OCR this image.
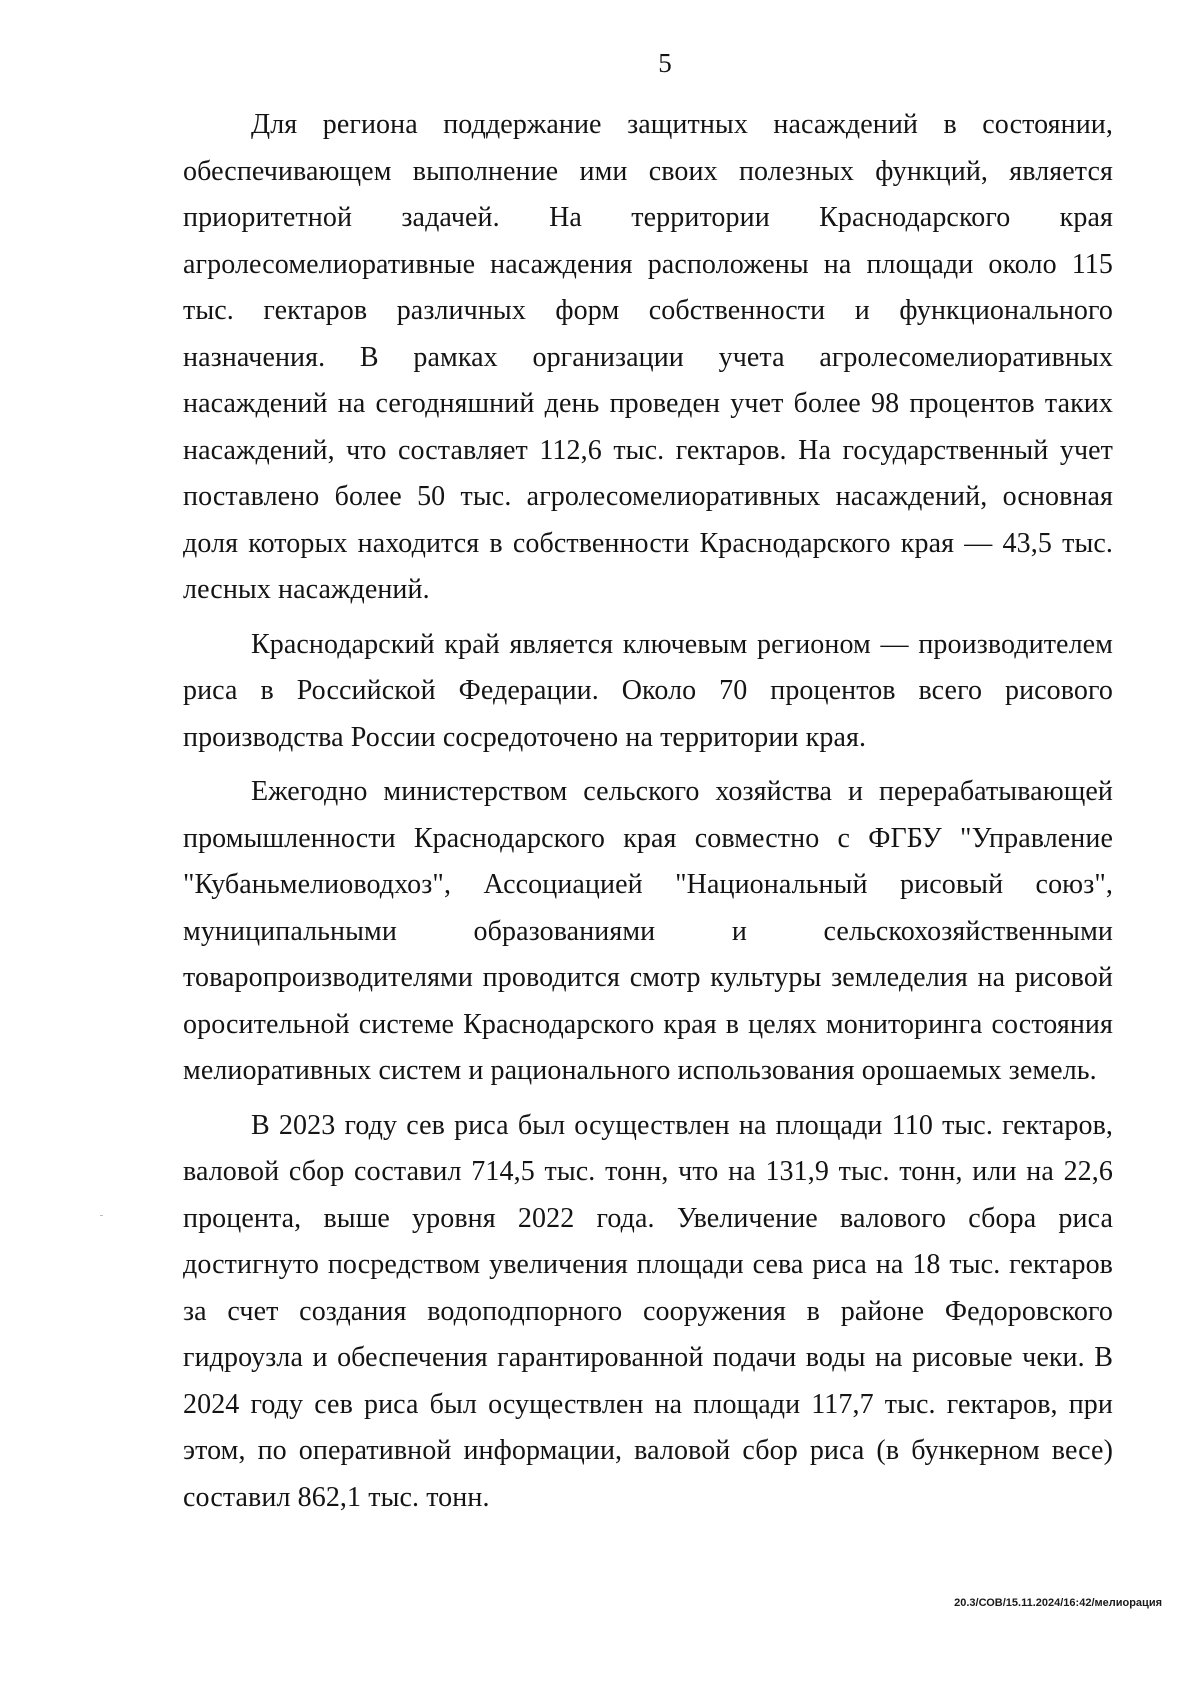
5

Для региона поддержание защитных насаждений в состоянии, обеспечивающем выполнение ими своих полезных функций, является приоритетной задачей. На территории Краснодарского края агролесомелиоративные насаждения расположены на площади около 115 тыс. гектаров различных форм собственности и функционального назначения. В рамках организации учета агролесомелиоративных насаждений на сегодняшний день проведен учет более 98 процентов таких насаждений, что составляет 112,6 тыс. гектаров. На государственный учет поставлено более 50 тыс. агролесомелиоративных насаждений, основная доля которых находится в собственности Краснодарского края — 43,5 тыс. лесных насаждений.

Краснодарский край является ключевым регионом — производителем риса в Российской Федерации. Около 70 процентов всего рисового производства России сосредоточено на территории края.

Ежегодно министерством сельского хозяйства и перерабатывающей промышленности Краснодарского края совместно с ФГБУ "Управление "Кубаньмелиоводхоз", Ассоциацией "Национальный рисовый союз", муниципальными образованиями и сельскохозяйственными товаропроизводителями проводится смотр культуры земледелия на рисовой оросительной системе Краснодарского края в целях мониторинга состояния мелиоративных систем и рационального использования орошаемых земель.

В 2023 году сев риса был осуществлен на площади 110 тыс. гектаров, валовой сбор составил 714,5 тыс. тонн, что на 131,9 тыс. тонн, или на 22,6 процента, выше уровня 2022 года. Увеличение валового сбора риса достигнуто посредством увеличения площади сева риса на 18 тыс. гектаров за счет создания водоподпорного сооружения в районе Федоровского гидроузла и обеспечения гарантированной подачи воды на рисовые чеки. В 2024 году сев риса был осуществлен на площади 117,7 тыс. гектаров, при этом, по оперативной информации, валовой сбор риса (в бункерном весе) составил 862,1 тыс. тонн.

20.3/СОВ/15.11.2024/16:42/мелиорация
